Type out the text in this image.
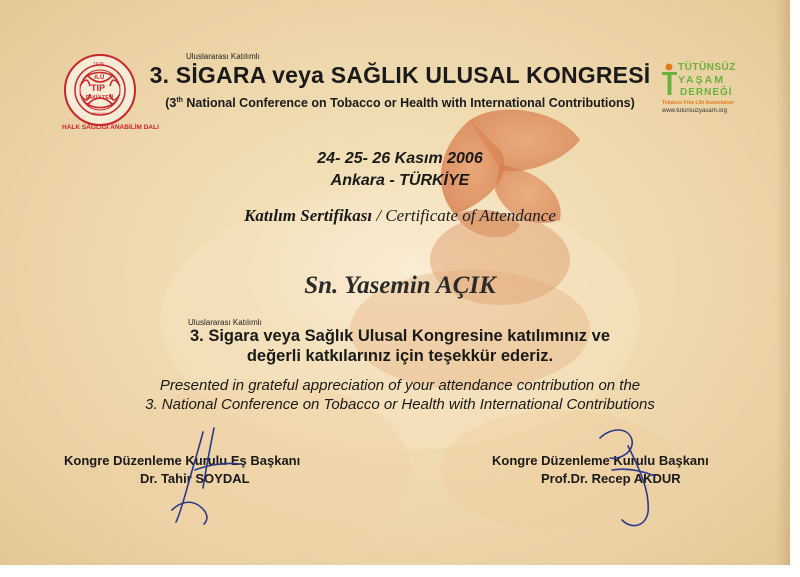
1945
A.Ü
TIP
FAKÜLTESİ
ANKARA
HALK SAĞLIĞI ANABİLİM DALI
TÜTÜNSÜZ
YAŞAM
DERNEĞİ
Tobacco Free Life Association
www.tutunsuzyasam.org
Uluslararası Katılımlı
3. SİGARA veya SAĞLIK ULUSAL KONGRESİ
(3th National Conference on Tobacco or Health with International Contributions)
24- 25- 26 Kasım 2006
Ankara - TÜRKİYE
Katılım Sertifikası / Certificate of Attendance
Sn. Yasemin AÇIK
Uluslararası Katılımlı
3. Sigara veya Sağlık Ulusal Kongresine katılımınız ve
değerli katkılarınız için teşekkür ederiz.
Presented in grateful appreciation of your attendance contribution on the
3. National Conference on Tobacco or Health with International Contributions
Kongre Düzenleme Kurulu Eş Başkanı
Dr. Tahir SOYDAL
Kongre Düzenleme Kurulu Başkanı
Prof.Dr. Recep AKDUR
